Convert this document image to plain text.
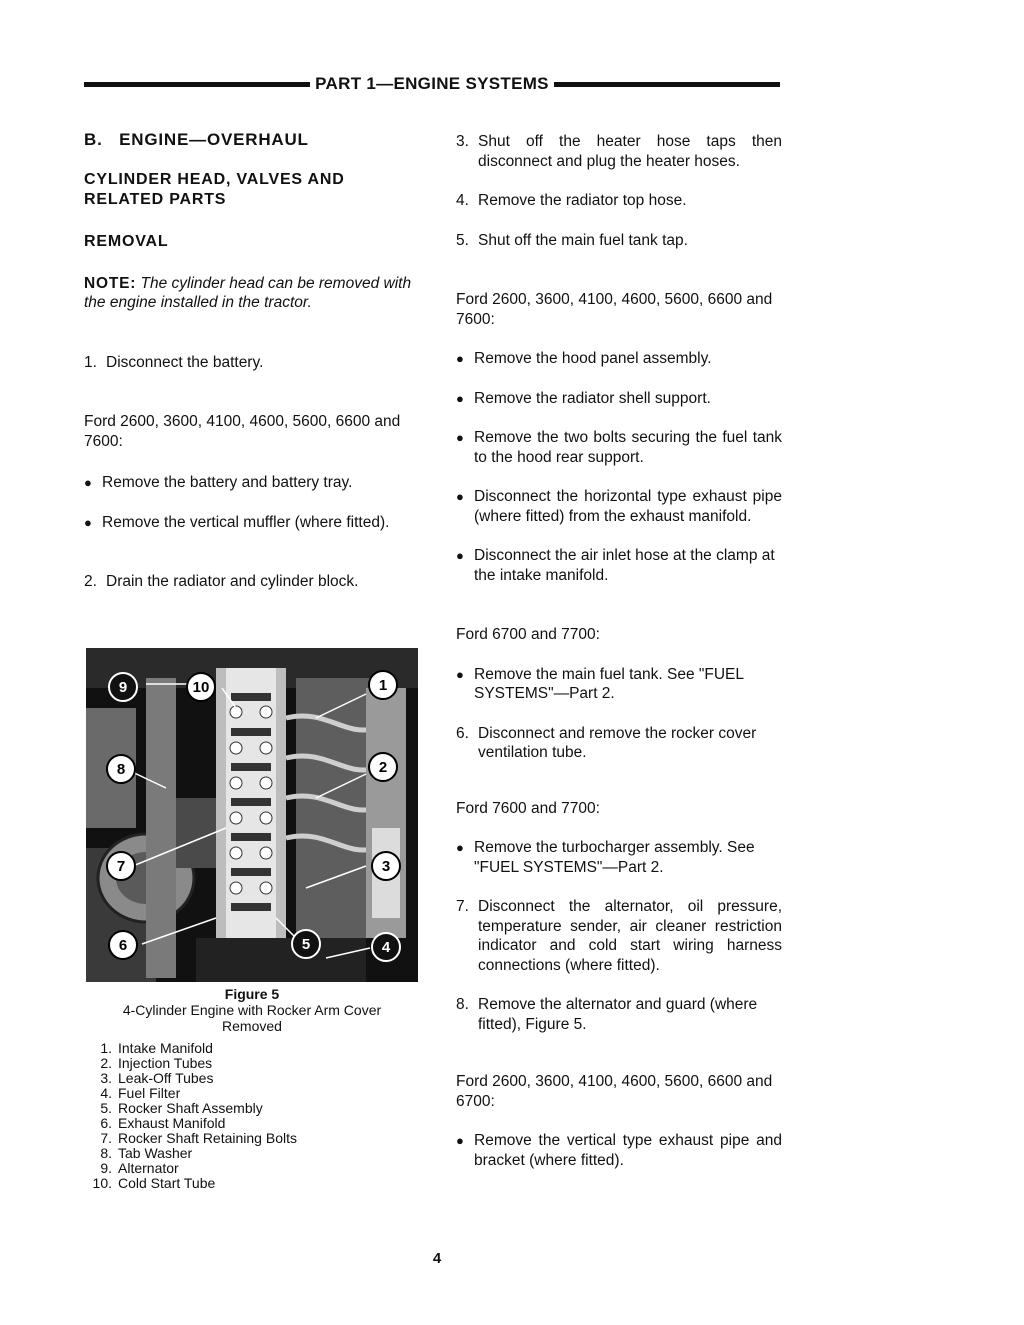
PART 1—ENGINE SYSTEMS

B.   ENGINE—OVERHAUL

CYLINDER HEAD, VALVES AND RELATED PARTS

REMOVAL

NOTE: The cylinder head can be removed with the engine installed in the tractor.

1. Disconnect the battery.

Ford 2600, 3600, 4100, 4600, 5600, 6600 and 7600:

● Remove the battery and battery tray.
● Remove the vertical muffler (where fitted).
2. Drain the radiator and cylinder block.
1
2
3
4
5
6
7
8
9	10
Figure 5
4-Cylinder Engine with Rocker Arm Cover Removed
1. Intake Manifold
2. Injection Tubes
3. Leak-Off Tubes
4. Fuel Filter
5. Rocker Shaft Assembly
6. Exhaust Manifold
7. Rocker Shaft Retaining Bolts
8. Tab Washer
9. Alternator
10. Cold Start Tube
3. Shut off the heater hose taps then disconnect and plug the heater hoses.
4. Remove the radiator top hose.
5. Shut off the main fuel tank tap.

Ford 2600, 3600, 4100, 4600, 5600, 6600 and 7600:

● Remove the hood panel assembly.
● Remove the radiator shell support.
● Remove the two bolts securing the fuel tank to the hood rear support.
● Disconnect the horizontal type exhaust pipe (where fitted) from the exhaust manifold.
● Disconnect the air inlet hose at the clamp at the intake manifold.

Ford 6700 and 7700:

● Remove the main fuel tank. See "FUEL SYSTEMS"—Part 2.
6. Disconnect and remove the rocker cover ventilation tube.

Ford 7600 and 7700:

● Remove the turbocharger assembly. See "FUEL SYSTEMS"—Part 2.
7. Disconnect the alternator, oil pressure, temperature sender, air cleaner restriction indicator and cold start wiring harness connections (where fitted).
8. Remove the alternator and guard (where fitted), Figure 5.

Ford 2600, 3600, 4100, 4600, 5600, 6600 and 6700:

● Remove the vertical type exhaust pipe and bracket (where fitted).
4
